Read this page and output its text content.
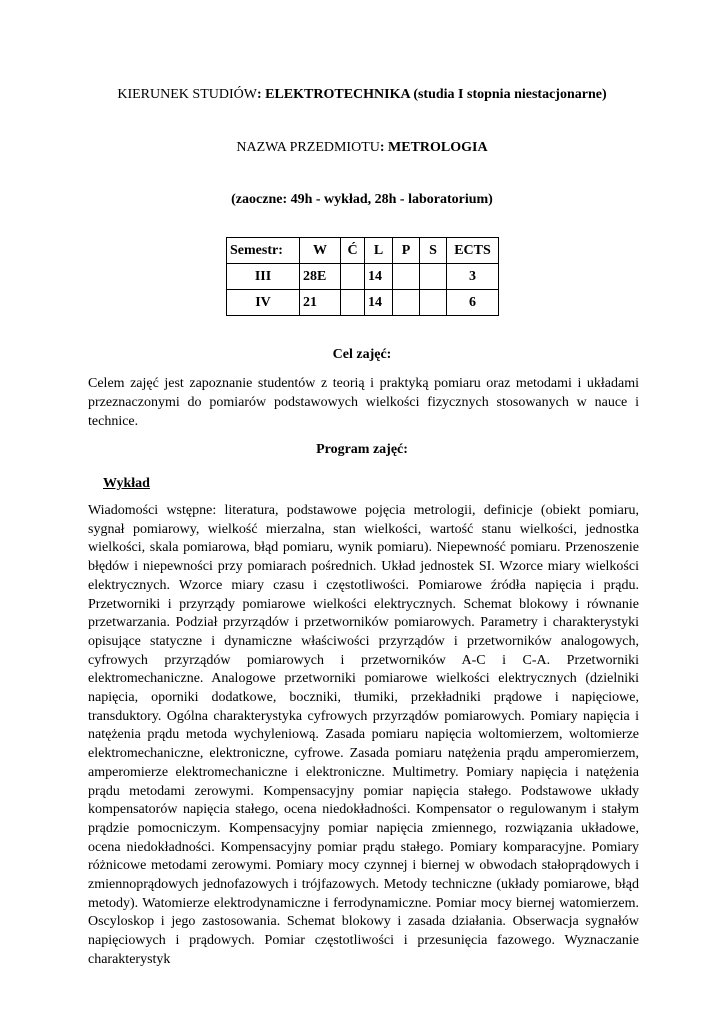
KIERUNEK STUDIÓW: ELEKTROTECHNIKA (studia I stopnia niestacjonarne)
NAZWA PRZEDMIOTU: METROLOGIA
(zaoczne: 49h - wykład, 28h - laboratorium)
Semestr:	W	Ć	L	P	S	ECTS
III	28E		14			3
IV	21		14			6
Cel zajęć:
Celem zajęć jest zapoznanie studentów z teorią i praktyką pomiaru oraz metodami i układami przeznaczonymi do pomiarów podstawowych wielkości fizycznych stosowanych w nauce i technice.
Program zajęć:
Wykład
Wiadomości wstępne: literatura, podstawowe pojęcia metrologii, definicje (obiekt pomiaru, sygnał pomiarowy, wielkość mierzalna, stan wielkości, wartość stanu wielkości, jednostka wielkości, skala pomiarowa, błąd pomiaru, wynik pomiaru). Niepewność pomiaru. Przenoszenie błędów i niepewności przy pomiarach pośrednich. Układ jednostek SI. Wzorce miary wielkości elektrycznych. Wzorce miary czasu i częstotliwości. Pomiarowe źródła napięcia i prądu. Przetworniki i przyrządy pomiarowe wielkości elektrycznych. Schemat blokowy i równanie przetwarzania. Podział przyrządów i przetworników pomiarowych. Parametry i charakterystyki opisujące statyczne i dynamiczne właściwości przyrządów i przetworników analogowych, cyfrowych przyrządów pomiarowych i przetworników A-C i C-A. Przetworniki elektromechaniczne. Analogowe przetworniki pomiarowe wielkości elektrycznych (dzielniki napięcia, oporniki dodatkowe, boczniki, tłumiki, przekładniki prądowe i napięciowe, transduktory. Ogólna charakterystyka cyfrowych przyrządów pomiarowych. Pomiary napięcia i natężenia prądu metoda wychyleniową. Zasada pomiaru napięcia woltomierzem, woltomierze elektromechaniczne, elektroniczne, cyfrowe. Zasada pomiaru natężenia prądu amperomierzem, amperomierze elektromechaniczne i elektroniczne. Multimetry. Pomiary napięcia i natężenia prądu metodami zerowymi. Kompensacyjny pomiar napięcia stałego. Podstawowe układy kompensatorów napięcia stałego, ocena niedokładności. Kompensator o regulowanym i stałym prądzie pomocniczym. Kompensacyjny pomiar napięcia zmiennego, rozwiązania układowe, ocena niedokładności. Kompensacyjny pomiar prądu stałego. Pomiary komparacyjne. Pomiary różnicowe metodami zerowymi. Pomiary mocy czynnej i biernej w obwodach stałoprądowych i zmiennoprądowych jednofazowych i trójfazowych. Metody techniczne (układy pomiarowe, błąd metody). Watomierze elektrodynamiczne i ferrodynamiczne. Pomiar mocy biernej watomierzem. Oscyloskop i jego zastosowania. Schemat blokowy i zasada działania. Obserwacja sygnałów napięciowych i prądowych. Pomiar częstotliwości i przesunięcia fazowego. Wyznaczanie charakterystyk
